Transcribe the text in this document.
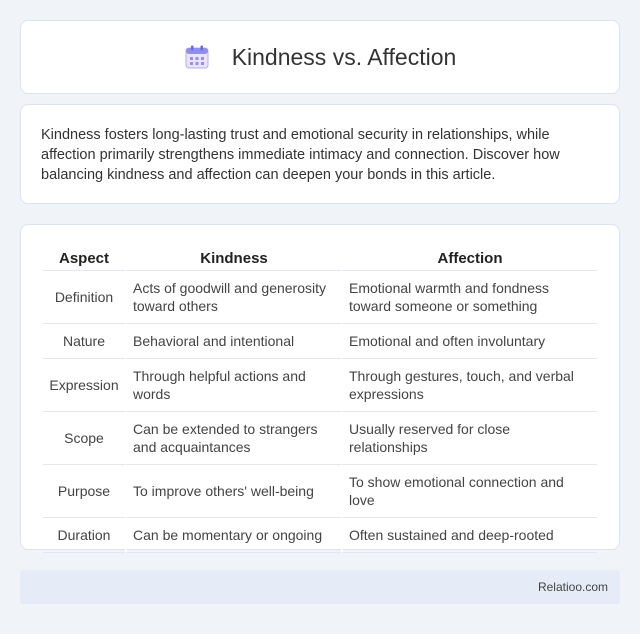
Kindness vs. Affection

Kindness fosters long-lasting trust and emotional security in relationships, while affection primarily strengthens immediate intimacy and connection. Discover how balancing kindness and affection can deepen your bonds in this article.

Aspect	Kindness	Affection
Definition	Acts of goodwill and generosity toward others	Emotional warmth and fondness toward someone or something
Nature	Behavioral and intentional	Emotional and often involuntary
Expression	Through helpful actions and words	Through gestures, touch, and verbal expressions
Scope	Can be extended to strangers and acquaintances	Usually reserved for close relationships
Purpose	To improve others' well-being	To show emotional connection and love
Duration	Can be momentary or ongoing	Often sustained and deep-rooted
Relatioo.com
